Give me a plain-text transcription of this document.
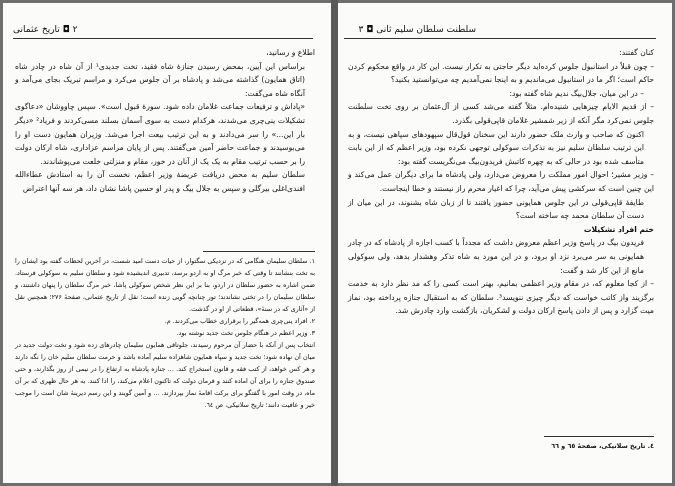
٢ ◘ تاریخ عثمانی

اطلاع و رسانید،

براساس این آیین، بمحض رسیدن جنازهٔ شاه فقید، تخت جدیدی¹ از آن شاه در چادر شاه (اتاق همایون) گذاشته می‌شد و پادشاه بر آن جلوس می‌کرد و مراسم تبریک بجای می‌آمد و آنگاه شاه می‌گفت:

«پاداش و ترفیعات جماعت غلامان داده شود. سورهٔ قبول است». سپس چاووشان «دعاگوی تشکیلات ینی‌چری می‌شدند، هرکدام دست به سوی آسمان بسلند مسی‌کردند و فریاد² «دیگر بار این...» را سر می‌دادند و به این ترتیب بیعت اجرا می‌شد. وزیران همایون دست او را می‌بوسیدند و جماعت حاضر آمین می‌گفتند. پس از پایان مراسم عزاداری، شاه ارکان دولت را بر حسب ترتیب مقام به یک یک از آنان در خور، مقام و منزلتی خلعت می‌پوشاندند.

سلطان سلیم به محض دریافت عریضهٔ وزیر اعظم، نخست آن را به استادش عطاءالله افندی‌اغلی بیرگلی و سپس به جلال بیگ و پدر او حسین پاشا نشان داد، هر سه آنها اعتراض

١. سلطان سلیمان هنگامی که در نزدیکی سگتوار، از حیات دست امید شست، در آخرین لحظات گفته بود ایشان را به تخت بنشانند تا وقتی که خبر مرگ او به اردو برسد، تدبیری اندیشیده شود و سلطان سلیم به سوکولی فرستاد. ضمن اشاره به حضور سلطان در اردو، بنا بر این نظر شخص سوکولی پاشا، خبر مرگ سلطان را پنهان داشتند، و سلطان سلیمان را در تختی نشاندند؛ تور چنانچه گویی زنده است؛ نقل از تاریخ عثمانی، صفحهٔ ۲۷۶؛ همچنین نقل از «آثاری که در سنهٔ»، قطعاتی از او در گذشت.

٢. افراد ینی‌چری همه‌گیر را برقراری خطاب می‌کردند. م.

٣. وزیر اعظم در هنگام جلوس تخت جدید نوشته بود.

انتخاب پس از آنکه با حضار آن مرحوم رسیدند، جلوتاقی همایون سلیمان چادرهای زده شود و تخت دولت جدید در میان آن نهاده شود؛ تخت جدید و سپاه همایون شاهزاده سلیم آماده باشد و حرمت سلطان سلیم خان را نگه دارند و هر کس خواهد، از کتب فقه و قانون استخراج کند. ... جنازه پادشاه به ارتفاع را در نیمی از روز بگذارند، و حتی صندوق جنازه را برای آن اماده کنند و فرمان دولت که تاکنون اعلام می‌کند، را ادا کنند. به هر حال ظهری که بر آن ماه، در وقت امور با گفتگو برای برکت اقامهٔ نماز بپردازند. ... و آمین گویند و این رسم دیرینهٔ شان است را موجب خیر و عافیت دانند؛ تاریخ سلانیکی، ص ٦٤.

سلطنت سلطان سلیم ثانی ◘ ٣

کنان گفتند:

– چون قبلاً در استانبول جلوس کرده‌اید دیگر حاجتی به تکرار نیست. این کار در واقع محکوم کردن حاکم است؛ اگر ما در استانبول می‌ماندیم و به اینجا نمی‌آمدیم چه می‌توانستید بکنید؟

– در این میان، جلال‌بیگ ندیم شاه گفته بود:

– از قدیم الایام چیزهایی شنیده‌ام. مثلاً گفته می‌شد کسی از آل‌عثمان بر روی تخت سلطنت جلوس نمی‌کرد مگر آنکه از زیر شمشیر غلامان قاپی‌قولی بگذرد.

اکنون که صاحب و وارث ملک حضور دارند این سخنان قول‌قال سپهودهای سپاهی نیست، و به این ترتیب سلطان سلیم نیز به تذکرات سوکولی توجهی نکرده بود، وزیر اعظم که از این بابت متأسف شده بود در حالی که به چهره کاتبش فریدون‌بیگ می‌نگریست گفته بود:

– وزیر مشیر؛ احوال امور مملکت را معروض می‌دارد، ولی پادشاه ما برای دیگران عمل می‌کند و این چنین است که سرکشی پیش می‌آید، چرا که اغیار محرم راز نیستند و خطا اینجاست.

طایفهٔ قاپی‌قولی در این جلوس همایونی حضور یافتند تا از زبان شاه بشنوند، در این میان از دست آن سلطان محمد چه ساخته است؟

ختم افراد تشکیلات

فریدون بیگ در پاسخ وزیر اعظم معروض داشت که مجدداً با کسب اجازه از پادشاه که در چادر همایونی به سر می‌برد نزد او برود، و در این مورد به شاه تذکر وهشدار بدهد، ولی سوکولی مانع از این کار شد و گفت:

– از کجا معلوم که، در مقام وزیر اعظمی بمانیم، بهتر است کسی را که مد نظر دارد به خدمت برگزیند واز کاتب خواست که دیگر چیزی ننویسد³. سلطان که به استقبال جنازه پرداخته بود، نماز میت گزارد و پس از دادن پاسخ ارکان دولت و لشکریان، بازگشت وارد چادرش شد.

٤. تاریخ سلانیکی، صفحهٔ ٦٥ و ٦٦
